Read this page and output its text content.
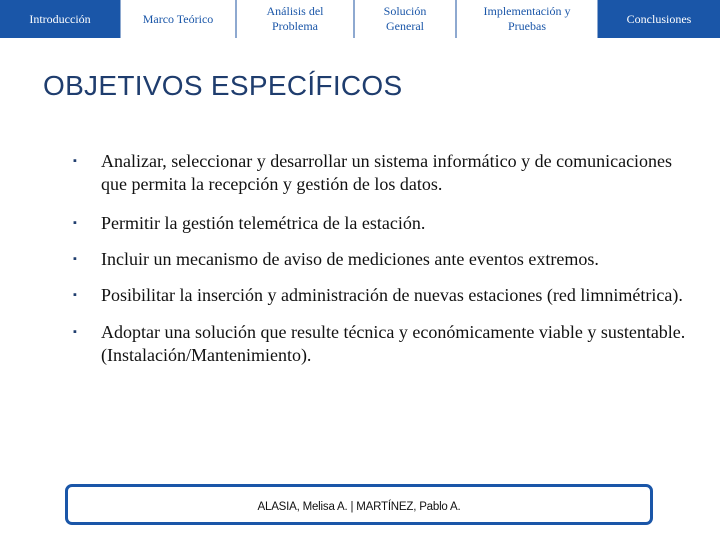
Introducción	Marco Teórico
Análisis del Problema
Solución General
Implementación y Pruebas
Conclusiones
OBJETIVOS ESPECÍFICOS
▪ Analizar, seleccionar y desarrollar un sistema informático y de comunicaciones que permita la recepción y gestión de los datos.
▪ Permitir la gestión telemétrica de la estación.
▪ Incluir un mecanismo de aviso de mediciones ante eventos extremos.
▪ Posibilitar la inserción y administración de nuevas estaciones (red limnimétrica).
▪ Adoptar una solución que resulte técnica y económicamente viable y sustentable. (Instalación/Mantenimiento).
ALASIA, Melisa A. | MARTÍNEZ, Pablo A.
